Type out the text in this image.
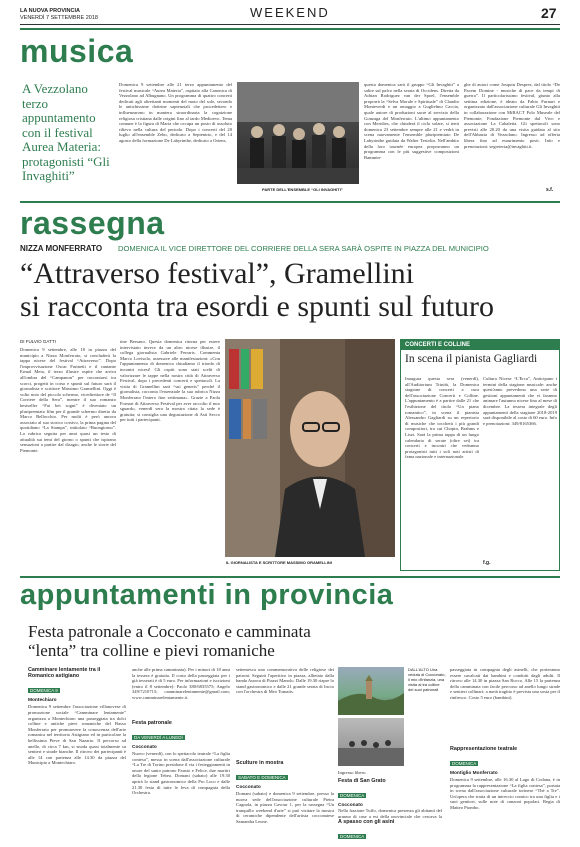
LA NUOVA PROVINCIA
VENERDÌ 7 SETTEMBRE 2018	WEEKEND	27
musica
A Vezzolano terzo appuntamento con il festival Aurea Materia: protagonisti “Gli Invaghiti”
Domenica 9 settembre alle 21 terzo appuntamento del festival musicale “Aurea Materia”, ospitato alla Canonica di Vezzolano ad Albugnano. Un programma di quattro concerti dedicati agli altrettanti momenti del moto del sole, secondo le antichissime dottrine sapienziali che procedettero e influenzarono in maniera straordinaria la cognizione religiosa cristiana dalle origini fino al tardo Medioevo. Tema comune è la figura di Maria che occupa un posto di assoluto rilievo nella cultura del periodo. Dopo i concerti del 20 luglio all'ensemble Zebo, dedicato a Septentrio, e del 14 agosto della formazione De Labyrinthe, dedicato a Oriens,
PARTE DELL'ENSEMBLE “GLI INVAGHITI”
questa domenica sarà il gruppo “Gli Invaghiti” a salire sul palco nella serata di Occidens. Diretta da Adrian Rodriguez van der Spoel, l'ensemble proporrà la “Selva Morale e Spirituale” di Claudio Monteverdi e un omaggio a Guglielmo Caccia, quale autore di produzioni sacre al servizio della Gonzaga del Monferrato. L'ultimo appuntamento con Meridies, che chiuderà il ciclo solare, si terrà domenica 23 settembre sempre alle 21 e vedrà in scena nuovamente l'ensemble pluripremiato De Labyrinthe guidata da Walter Testolin. Nell'ambito della loro tournée europea proporranno un programma con le più suggestive composizioni Bammin-
ghe di autori come Josquin Desprez, dal titolo “De Pacem Domine - musiche di pace da tempi di guerra”. Il particolarissimo festival, giunto alla settima edizione, è ideato da Fabio Furnari e organizzato dall'associazione culturale Gli Invaghiti in collaborazione con MiBACT Polo Museale del Piemonte, Fondazione Piemonte dal Vivo e associazione La Cabaletta. Gli spettacoli sono previsti alle 20.20 da una visita guidata al sito dell'Abbazia di Vezzolano. Ingresso ad offerta libera fino ad esaurimento posti. Info e prenotazioni: segreteria@invaghiti.it.
s.f.
rassegna
NIZZA MONFERRATO DOMENICA IL VICE DIRETTORE DEL CORRIERE DELLA SERA SARÀ OSPITE IN PIAZZA DEL MUNICIPIO
“Attraverso festival”, Gramellini
si racconta tra esordi e spunti sul futuro
DI FULVIO GATTI
Domenica 9 settembre, alle 18 in piazza del municipio a Nizza Monferrato, si concluderà la tappa nicese del festival “Attraverso”. Dopo l'improvvisazione Oscar Farinetti e il cantante Ermal Meta, il terzo illustre ospite che arriva all'ombra del “Campanon” per raccontarsi tra scorci, progetti in corso e spunti sul futuro sarà il giornalista e scrittore Massimo Gramellini. Oggi è volto noto del piccolo schermo, vicedirettore de “Il Corriere della Sera”, mentre il suo romanzo bestseller “Fai bei sogni” è diventato un pluripremiato film per il grande schermo diretto da Marco Bellocchio. Per molti è però ancora associato al suo storico corsivo, la prima pagina del quotidiano “La Stampa”, intitolato “Buongiorno”. La rubrica seguita per anni quasi un testo di attualità sui temi del giorno o spunti che ispirano sensazioni a partire dal disagio, anche le storie del Piemonte.
tine Bersano. Questa domenica ritorna per essere intervistato invece da un altro nicese illustre, il collega giornalista Gabriele Ferraris. Commenta Marco Lovisolo, assessore alle manifestazioni: «Con l'appuntamento di domenica chiudiamo il trionfo di incontri nicesi! Gli ospiti sono stati scelti di valorizzare le tappe nella nostra città di Attraverso Festival, dopo i precedenti concerti e spettacoli. La visita di Gramellini sarà “sui generis” perché il giornalista, racconta l'essenziale la sua rubrica Nizza Monferrato l'intero fine settimana». Grazie a Paola Fornari di Attraverso Festival per aver raccolto il mio sguardo, venerdì sera la mostra citata la sede è gratuita; si consiglia una degustazione di Asti Secco per tutti i partecipanti.
IL GIORNALISTA E SCRITTORE MASSIMO GRAMELLINI
CONCERTI E COLLINE
In scena il pianista Gagliardi
Inaugura questa sera (venerdì), all'Auditorium Trinità, la Domenica stagione di concerti a cura dell'associazione Concerti e Colline. L'appuntamento è a partire dalle 21 che l'esibizione del titolo “Un piano romantico”, in scena il pianista Alessandro Gagliardi su un repertorio di musiche che toccherà i più grandi compositori, tra cui Chopin, Brahms e Liszt. Sarà la prima tappa di un lungo calendario di serate (oltre sei) tra concerti e incontri che vedranno protagonisti tutti i soli noti artisti di fama nazionale e internazionale.
Cultura Nicese “L'Erca”, Anticipano i termini della stagione musicale: anche quest'anno prevedono una serie di gestioni appuntamenti che vi faranno animare l'autunno nicese fino al mese di dicembre. La tessera integrale degli appuntamenti della stagione 2018-2019 sarà disponibile al costo di 60 euro. Info e prenotazioni: 349/8165366.
f.g.
appuntamenti in provincia
Festa patronale a Cocconato e camminata
“lenta” tra colline e pievi romaniche
Camminare lentamente tra il Romanico astigiano
DOMENICA 9
Montechiaro
Domenica 9 settembre l'associazione villanovese di promozione sociale “Camminare lentamente” organizza a Montechiaro una passeggiata tra dolci colline e antiche pievi romaniche del Basso Monferrato per promuovere la conoscenza dell'arte romanica nel territorio Astigiano ed in particolare la bellissima Pieve di San Nazario. Il percorso ad anello, di circa 7 km, si snoda quasi totalmente su sentieri e strade bianche. Il ritrovo dei partecipanti è alle 14 con partenza alle 14.30 da piazza del Municipio a Montechiaro.
anche alle prima camminata). Per i minori di 18 anni la tessera è gratuita. Il costo della passeggiata per i già tesserati è di 5 euro. Per informazioni e iscrizioni (entro il 8 settembre): Paolo 380/6835575; Angelo 349/7210715; camminarelentamente@gmail.com; www.camminarelentamente.it.
Festa patronale
DA VENERDÌ A LUNEDÌ
Cocconato
Nuovo (venerdì), con lo spettacolo teatrale “La figlia contesa”, messo in scena dall'associazione culturale “La Tre di Torino presidone il via i festeggiamenti in onore del santo patrono Fausto e Felice, due martiri della legione Tebea. Domani (sabato) alle 19.30 aprirà lo stand gastronomico della Pro Loco e dalle 21.30 festa di tutte le leva di compagnia della Orchestra.
settemesca una commemorativa delle religiose dei patroni. Seguirà l'aperitivo in piazza, allietato dalla banda Aurora di Piazzi Manolo. Dalle 19.30 riapre lo stand gastronomico e dalle 21 grande serata di liscio con l'orchestra di Meo Tomatis.
Sculture in mostra
SABATO E DOMENICA
Cocconato
Domani (sabato) e domenica 9 settembre, presso la nuova sede dell'associazione culturale Pietra Cagnola, in piazza Cavour 1, per la rassegna “Un tranquillo weekend d'arte” si può visitare la mostra di ceramiche dipendente dell'artista cocconatese Samantha Leone.
DALL'ALTO Una veduta di Cocconato, il mio d'infanzia, una visita al tra colline dei suoi patronali
Ingresso libero.
Festa di San Grato
DOMENICA
Cocconato
Nella frazione Tuffo, domenica presenza gli abitanti del gruppo di case a est della provinciale che cercava la
A spasso con gli asini
DOMENICA
passeggiata in compagnia degli asinelli, che porteranno essere cavalcati dai bambini e condotti dagli adulti. Il ritrovo alle 14.30 in piazza San Rocco. Alle 15 la partenza della camminata con facile percorso ad anello lungo strade e sentieri collinari; a metà tragitto è prevista una sosta per il rinfresco. Costo 5 euro (bambini).
Rappresentazione teatrale
DOMENICA
Montiglio Monferrato
Domenica 9 settembre, alle 16.30 al Lago di Codana, è in programma la rappresentazione “La figlia contesa”, portata in scena dall'associazione culturale torinese “Thé a Tre”. Un'opera che tratta di un intreccio comico tra una figlia e i suoi genitori, sulle note di canzoni popolari. Regia di Matteo Piombo.
